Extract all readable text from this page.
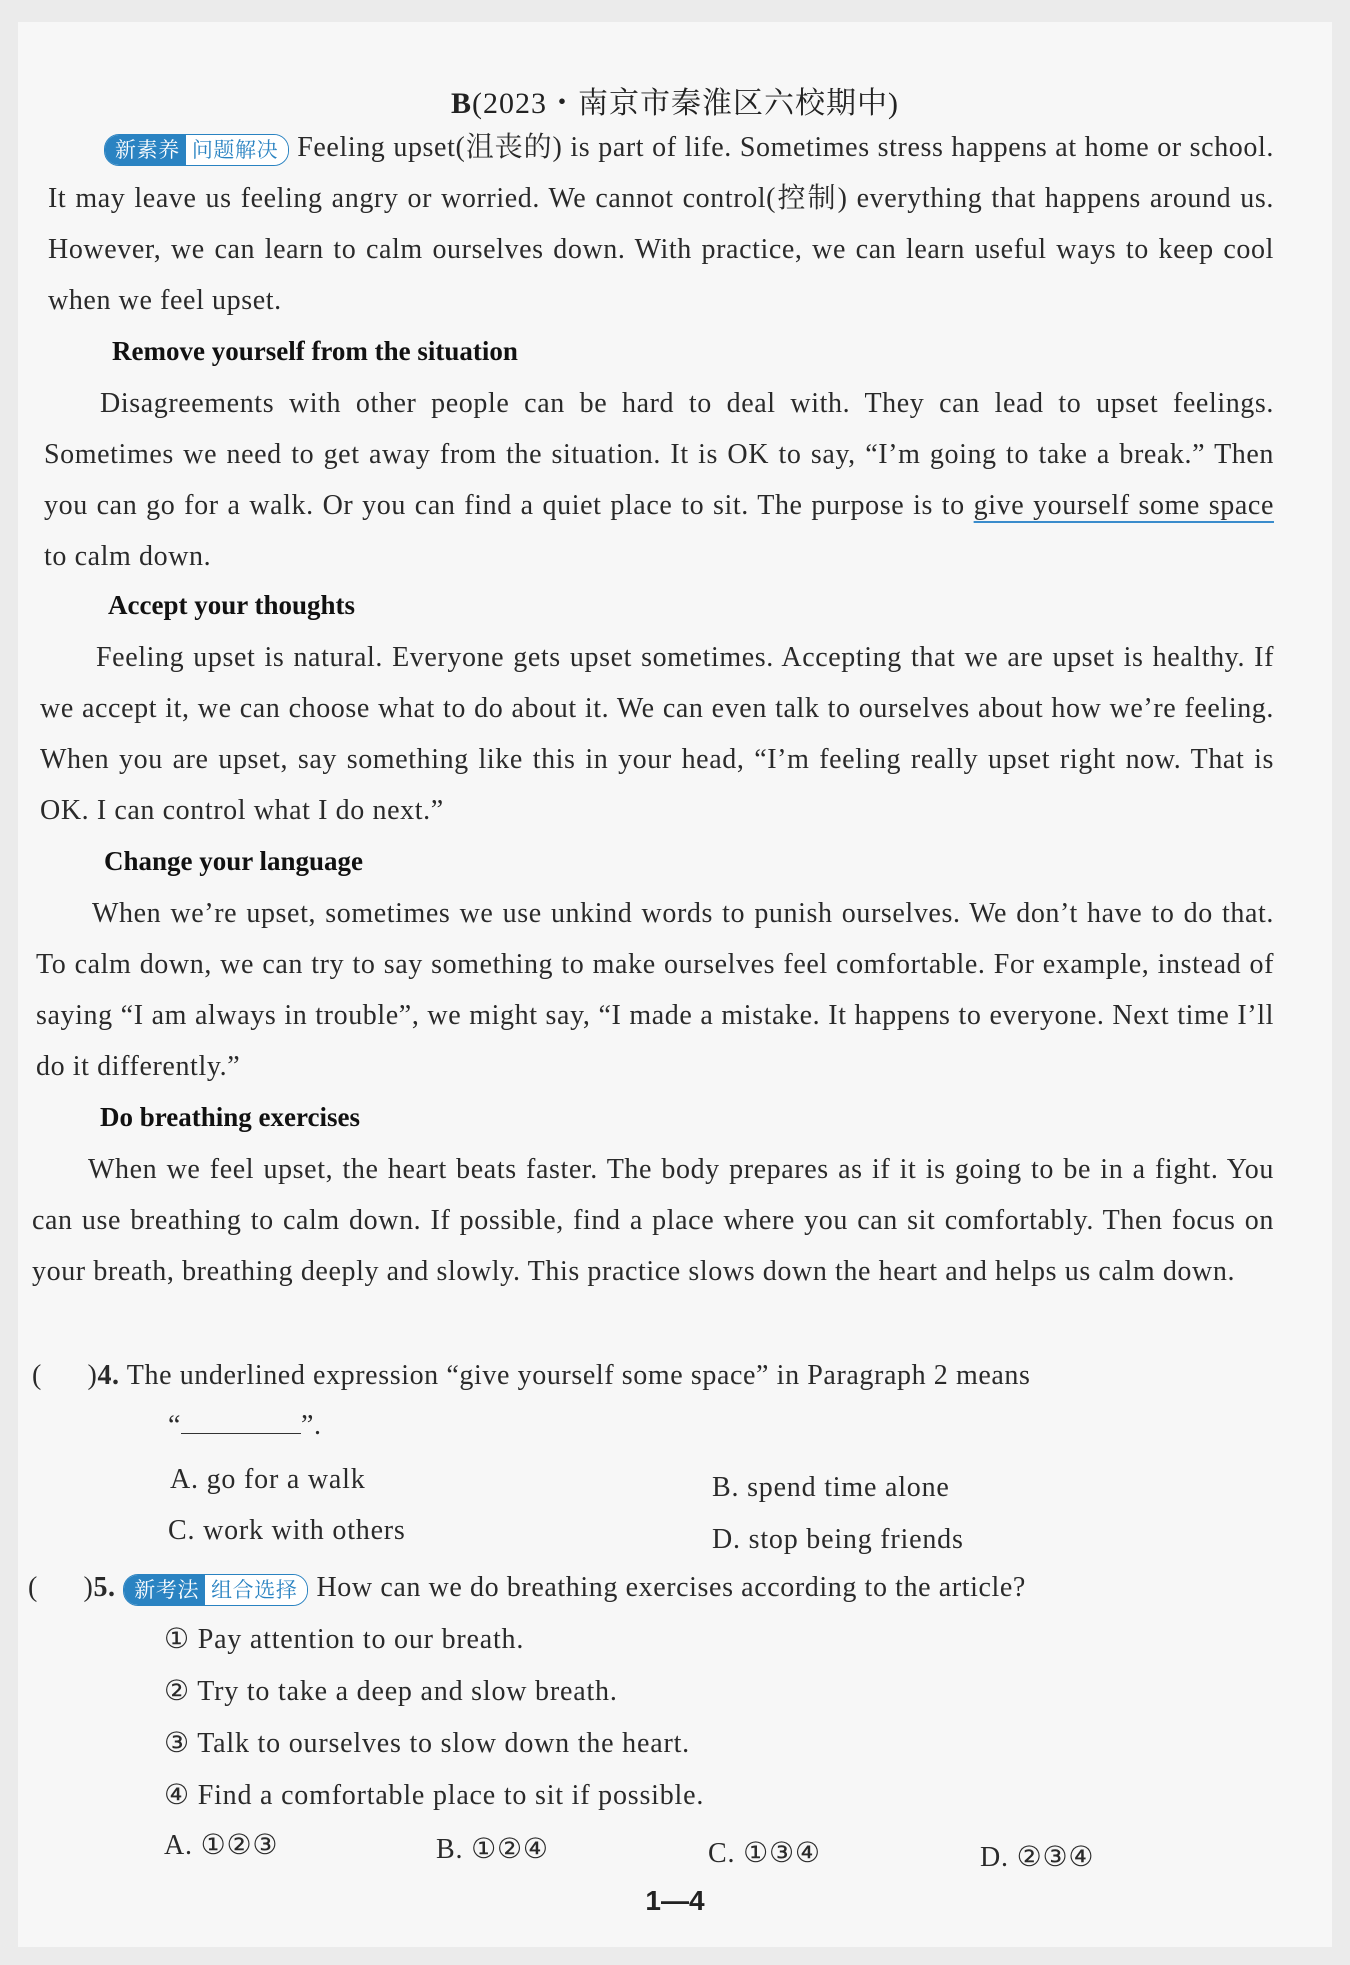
B(2023・南京市秦淮区六校期中)

新素养 问题解决 Feeling upset(沮丧的) is part of life. Sometimes stress happens at home or school. It may leave us feeling angry or worried. We cannot control(控制) everything that happens around us. However, we can learn to calm ourselves down. With practice, we can learn useful ways to keep cool when we feel upset.

Remove yourself from the situation

Disagreements with other people can be hard to deal with. They can lead to upset feelings. Sometimes we need to get away from the situation. It is OK to say, “I’m going to take a break.” Then you can go for a walk. Or you can find a quiet place to sit. The purpose is to give yourself some space to calm down.

Accept your thoughts

Feeling upset is natural. Everyone gets upset sometimes. Accepting that we are upset is healthy. If we accept it, we can choose what to do about it. We can even talk to ourselves about how we’re feeling. When you are upset, say something like this in your head, “I’m feeling really upset right now. That is OK. I can control what I do next.”

Change your language

When we’re upset, sometimes we use unkind words to punish ourselves. We don’t have to do that. To calm down, we can try to say something to make ourselves feel comfortable. For example, instead of saying “I am always in trouble”, we might say, “I made a mistake. It happens to everyone. Next time I’ll do it differently.”

Do breathing exercises

When we feel upset, the heart beats faster. The body prepares as if it is going to be in a fight. You can use breathing to calm down. If possible, find a place where you can sit comfortably. Then focus on your breath, breathing deeply and slowly. This practice slows down the heart and helps us calm down.

(      )4. The underlined expression “give yourself some space” in Paragraph 2 means
“	”.
A. go for a walk	B. spend time alone
C. work with others	D. stop being friends
(      )5. 新考法 组合选择 How can we do breathing exercises according to the article?
① Pay attention to our breath.
② Try to take a deep and slow breath.
③ Talk to ourselves to slow down the heart.
④ Find a comfortable place to sit if possible.
A. ①②③	B. ①②④	C. ①③④	D. ②③④
1—4
